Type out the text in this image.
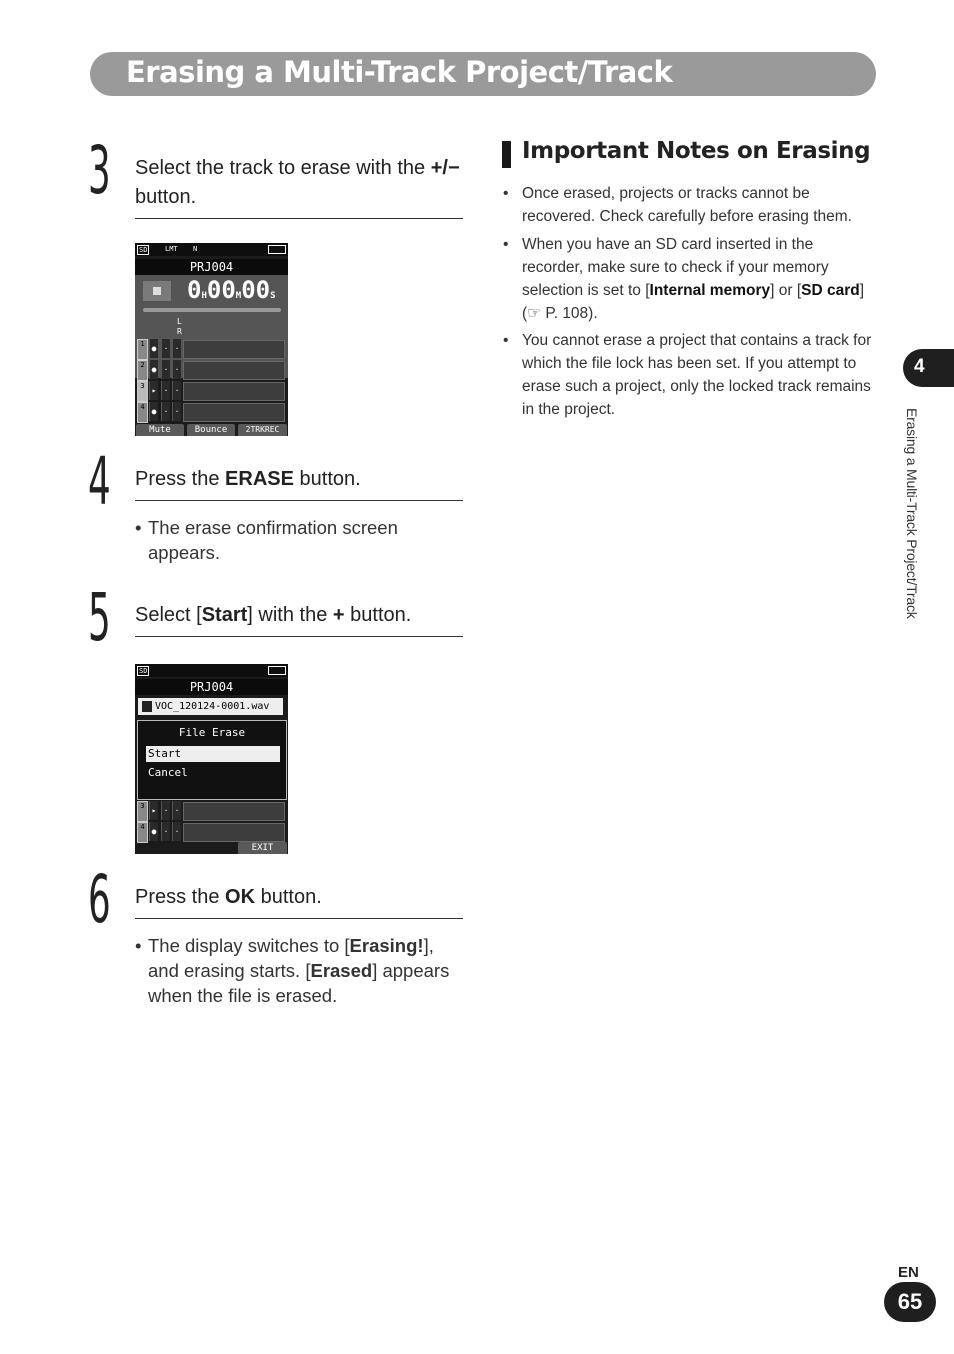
Erasing a Multi-Track Project/Track
3 Select the track to erase with the +/− button.
SD	LMT N
PRJ004
0H00M00S
L
R
1 ● · ·
2 ● · ·
3 ▸ · ·
4 ● · ·
Mute	Bounce	2TRKREC
4 Press the ERASE button.
• The erase confirmation screen appears.
5 Select [Start] with the + button.
SD
PRJ004
VOC_120124-0001.wav
File Erase
Start
Cancel
3 ▸ · ·
4 ● · ·
EXIT
6 Press the OK button.
• The display switches to [Erasing!], and erasing starts. [Erased] appears when the file is erased.
Important Notes on Erasing
• Once erased, projects or tracks cannot be recovered. Check carefully before erasing them.
• When you have an SD card inserted in the recorder, make sure to check if your memory selection is set to [Internal memory] or [SD card] (☞ P. 108).
• You cannot erase a project that contains a track for which the file lock has been set. If you attempt to erase such a project, only the locked track remains in the project.
4
Erasing a Multi-Track Project/Track
EN
65
